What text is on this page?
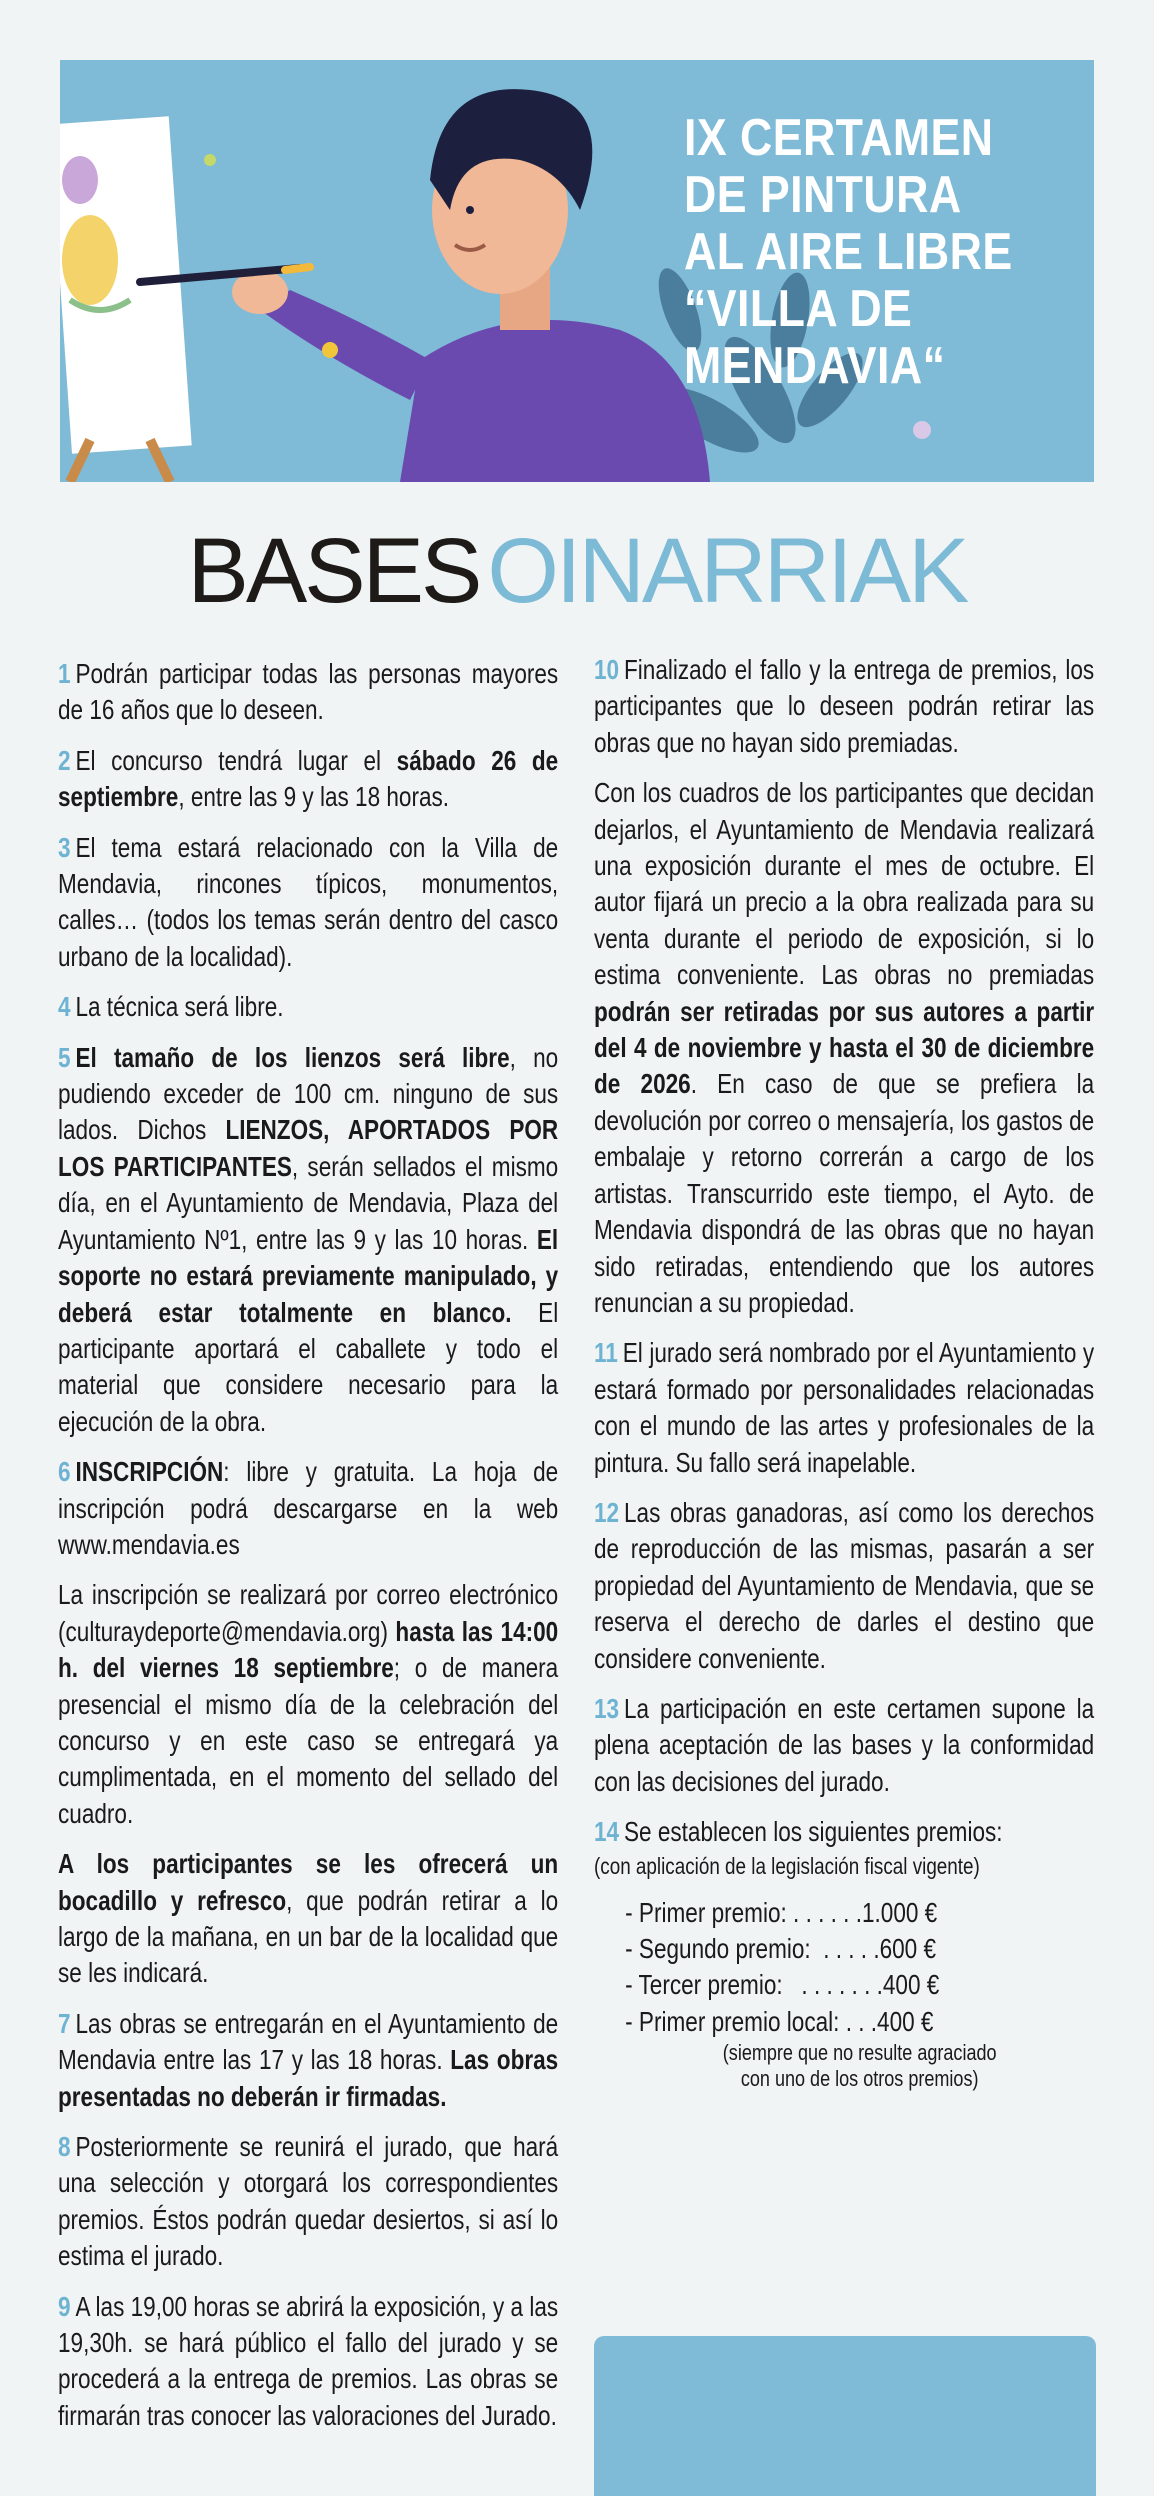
IX CERTAMEN
DE PINTURA
AL AIRE LIBRE
“VILLA DE
MENDAVIA“
BASESOINARRIAK

1 Podrán participar todas las personas mayores de 16 años que lo deseen.

2 El concurso tendrá lugar el sábado 26 de septiembre, entre las 9 y las 18 horas.

3 El tema estará relacionado con la Villa de Mendavia, rincones típicos, monumentos, calles… (todos los temas serán dentro del casco urbano de la localidad).

4 La técnica será libre.

5 El tamaño de los lienzos será libre, no pudiendo exceder de 100 cm. ninguno de sus lados. Dichos LIENZOS, APORTADOS POR LOS PARTICIPANTES, serán sellados el mismo día, en el Ayuntamiento de Mendavia, Plaza del Ayuntamiento Nº1, entre las 9 y las 10 horas. El soporte no estará previamente manipulado, y deberá estar totalmente en blanco. El participante aportará el caballete y todo el material que considere necesario para la ejecución de la obra.

6 INSCRIPCIÓN: libre y gratuita. La hoja de inscripción podrá descargarse en la web www.mendavia.es

La inscripción se realizará por correo electrónico (culturaydeporte@mendavia.org) hasta las 14:00 h. del viernes 18 septiembre; o de manera presencial el mismo día de la celebración del concurso y en este caso se entregará ya cumplimentada, en el momento del sellado del cuadro.

A los participantes se les ofrecerá un bocadillo y refresco, que podrán retirar a lo largo de la mañana, en un bar de la localidad que se les indicará.

7 Las obras se entregarán en el Ayuntamiento de Mendavia entre las 17 y las 18 horas. Las obras presentadas no deberán ir firmadas.

8 Posteriormente se reunirá el jurado, que hará una selección y otorgará los correspondientes premios. Éstos podrán quedar desiertos, si así lo estima el jurado.

9 A las 19,00 horas se abrirá la exposición, y a las 19,30h. se hará público el fallo del jurado y se procederá a la entrega de premios. Las obras se firmarán tras conocer las valoraciones del Jurado.

10 Finalizado el fallo y la entrega de premios, los participantes que lo deseen podrán retirar las obras que no hayan sido premiadas.

Con los cuadros de los participantes que decidan dejarlos, el Ayuntamiento de Mendavia realizará una exposición durante el mes de octubre. El autor fijará un precio a la obra realizada para su venta durante el periodo de exposición, si lo estima conveniente. Las obras no premiadas podrán ser retiradas por sus autores a partir del 4 de noviembre y hasta el 30 de diciembre de 2026. En caso de que se prefiera la devolución por correo o mensajería, los gastos de embalaje y retorno correrán a cargo de los artistas. Transcurrido este tiempo, el Ayto. de Mendavia dispondrá de las obras que no hayan sido retiradas, entendiendo que los autores renuncian a su propiedad.

11 El jurado será nombrado por el Ayuntamiento y estará formado por personalidades relacionadas con el mundo de las artes y profesionales de la pintura. Su fallo será inapelable.

12 Las obras ganadoras, así como los derechos de reproducción de las mismas, pasarán a ser propiedad del Ayuntamiento de Mendavia, que se reserva el derecho de darles el destino que considere conveniente.

13 La participación en este certamen supone la plena aceptación de las bases y la conformidad con las decisiones del jurado.

14 Se establecen los siguientes premios:
(con aplicación de la legislación fiscal vigente)

- Primer premio: . . . . . . 1.000 €
- Segundo premio:  . . . . . 600 €
- Tercer premio:   . . . . . . . 400 €
- Primer premio local: . . . 400 €
(siempre que no resulte agraciado
con uno de los otros premios)
